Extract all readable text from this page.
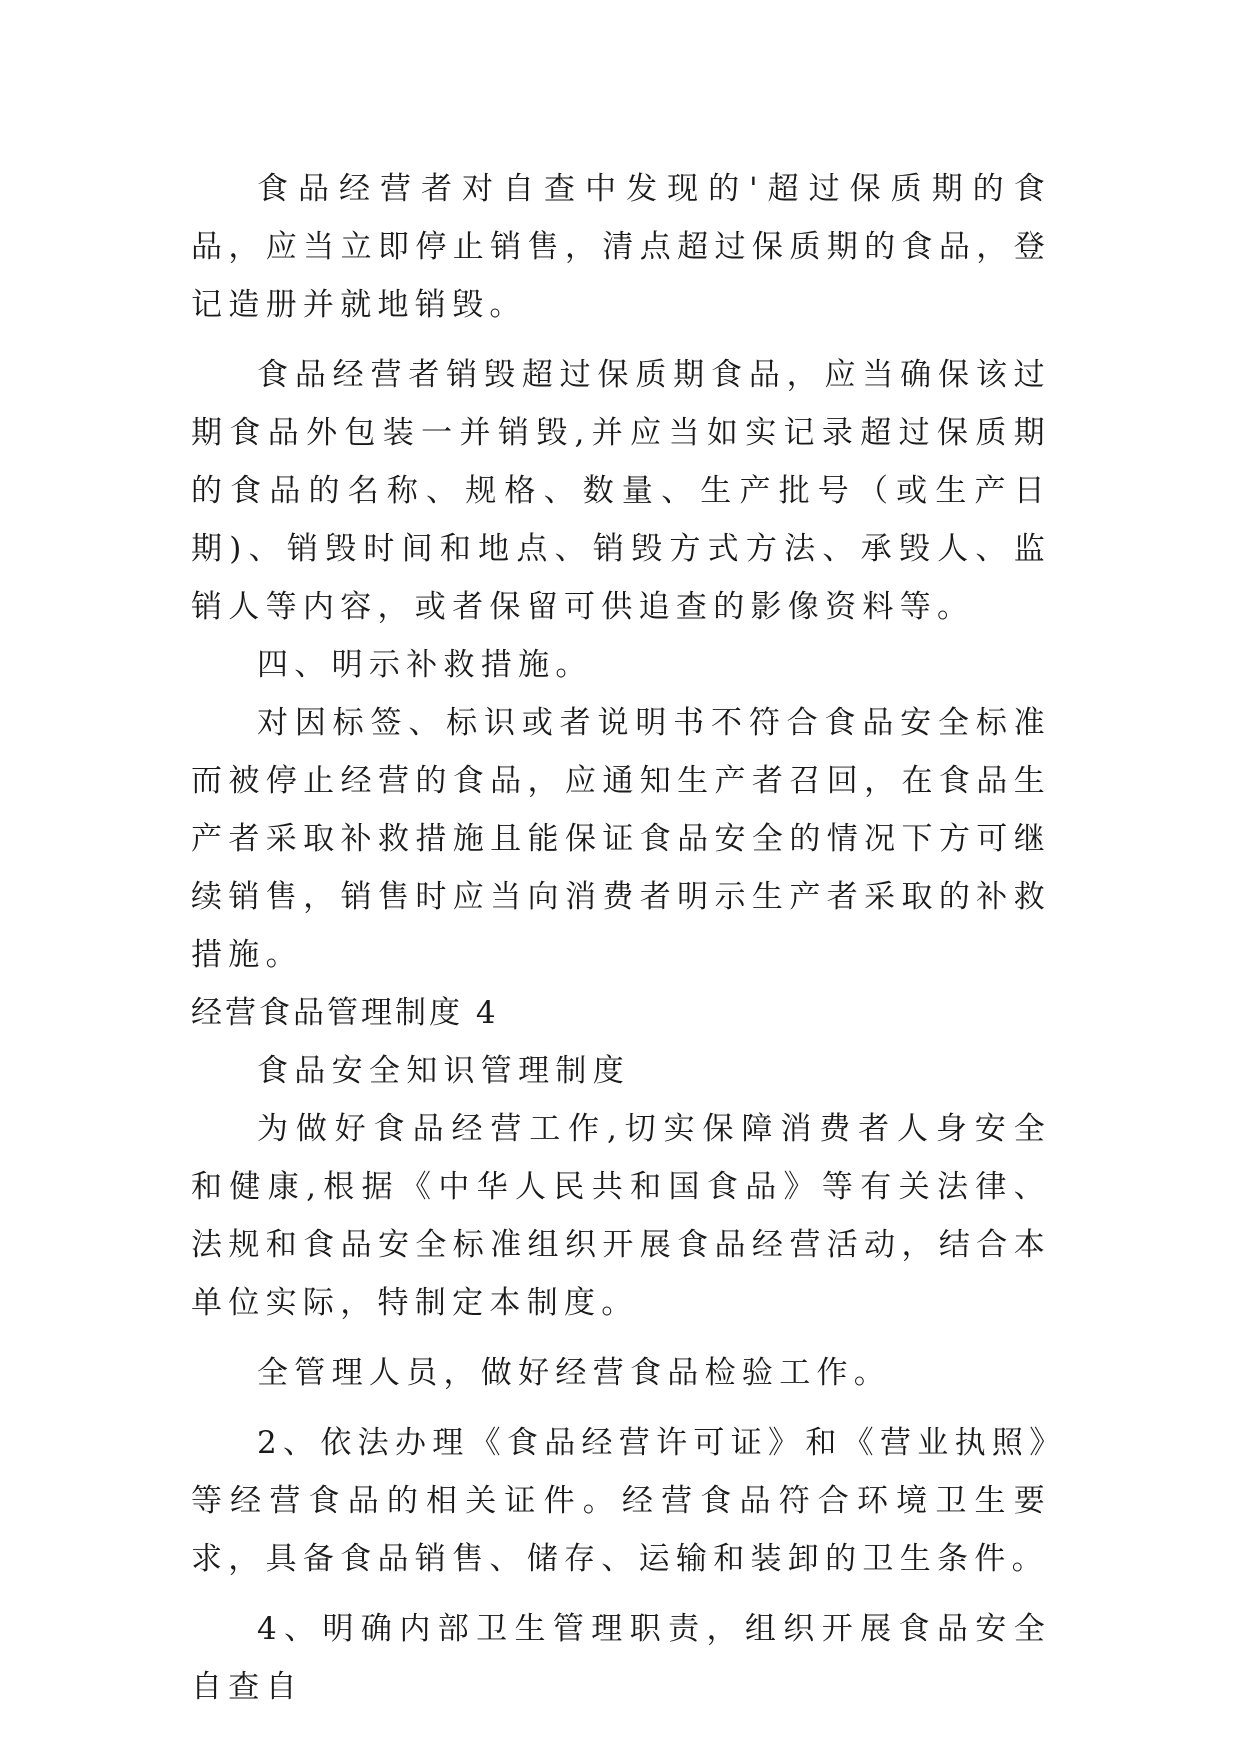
食品经营者对自查中发现的'超过保质期的食品，应当立即停止销售，清点超过保质期的食品，登记造册并就地销毁。

食品经营者销毁超过保质期食品，应当确保该过期食品外包装一并销毁,并应当如实记录超过保质期的食品的名称、规格、数量、生产批号（或生产日期)、销毁时间和地点、销毁方式方法、承毁人、监销人等内容，或者保留可供追查的影像资料等。

四、明示补救措施。

对因标签、标识或者说明书不符合食品安全标准而被停止经营的食品，应通知生产者召回，在食品生产者采取补救措施且能保证食品安全的情况下方可继续销售，销售时应当向消费者明示生产者采取的补救措施。

经营食品管理制度 4

食品安全知识管理制度

为做好食品经营工作,切实保障消费者人身安全和健康,根据《中华人民共和国食品》等有关法律、法规和食品安全标准组织开展食品经营活动，结合本单位实际，特制定本制度。

全管理人员，做好经营食品检验工作。

2、依法办理《食品经营许可证》和《营业执照》等经营食品的相关证件。经营食品符合环境卫生要求，具备食品销售、储存、运输和装卸的卫生条件。

4、明确内部卫生管理职责，组织开展食品安全自查自
